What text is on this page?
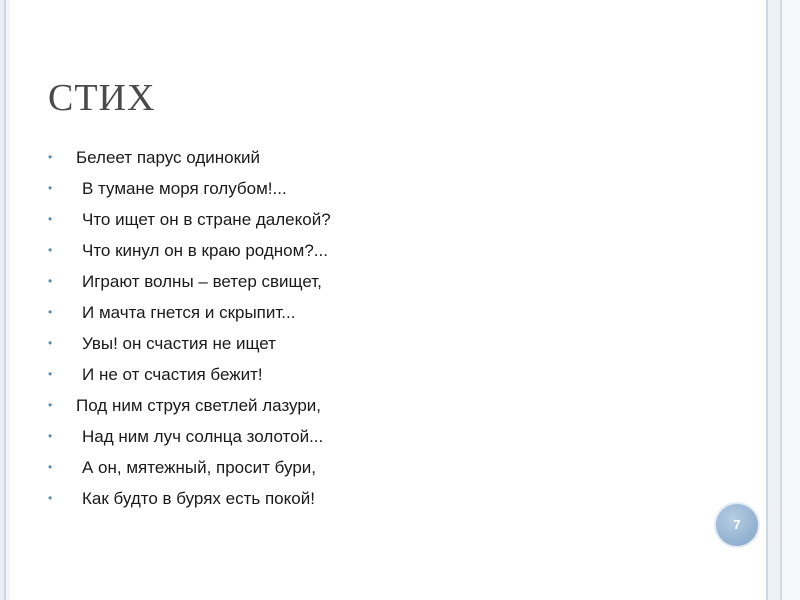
СТИХ
• Белеет парус одинокий
• В тумане моря голубом!...
• Что ищет он в стране далекой?
• Что кинул он в краю родном?...
• Играют волны – ветер свищет,
• И мачта гнется и скрыпит...
• Увы! он счастия не ищет
• И не от счастия бежит!
• Под ним струя светлей лазури,
• Над ним луч солнца золотой...
• А он, мятежный, просит бури,
• Как будто в бурях есть покой!
7
